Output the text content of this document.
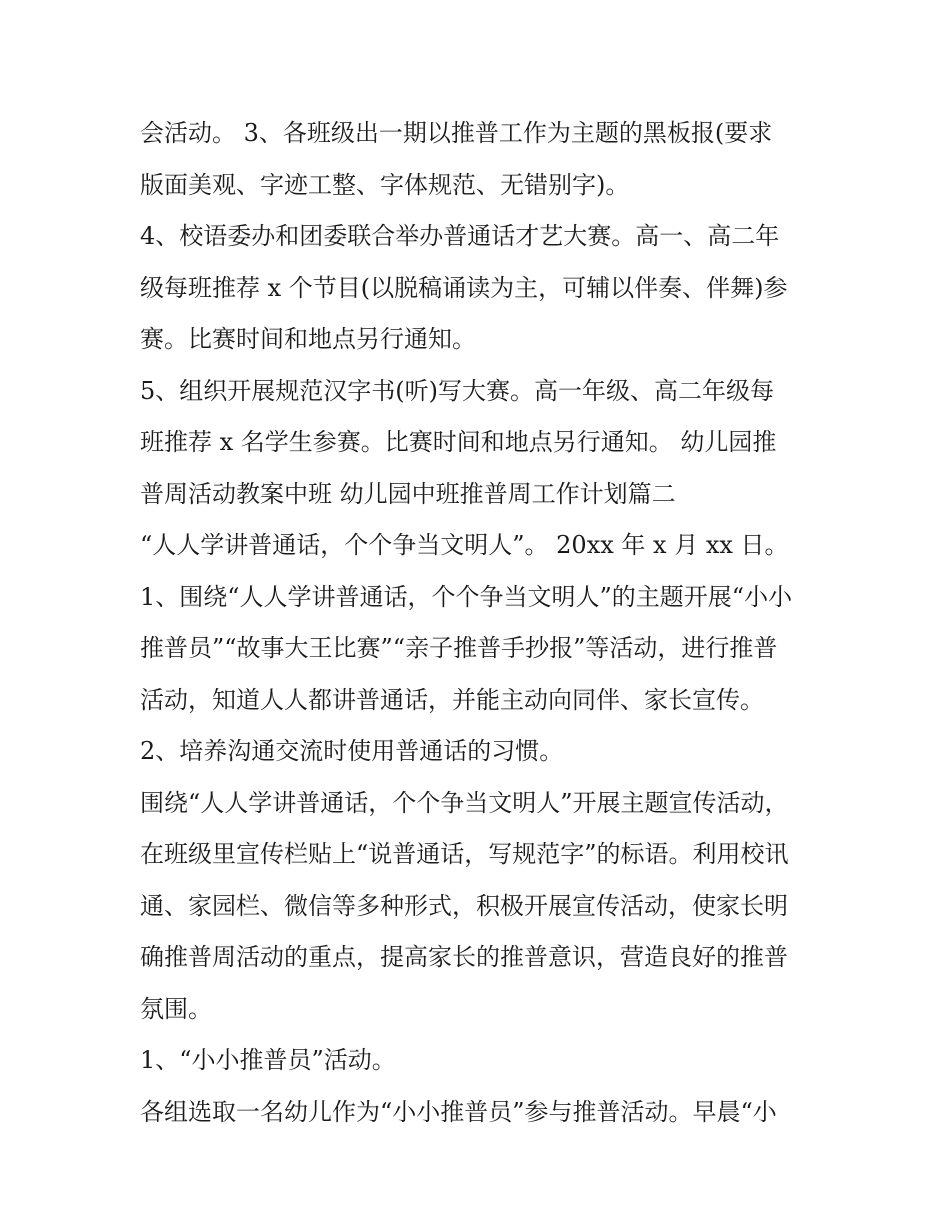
会活动。 3、各班级出一期以推普工作为主题的黑板报(要求
版面美观、字迹工整、字体规范、无错别字)。
4、校语委办和团委联合举办普通话才艺大赛。高一、高二年
级每班推荐 x 个节目(以脱稿诵读为主，可辅以伴奏、伴舞)参
赛。比赛时间和地点另行通知。
5、组织开展规范汉字书(听)写大赛。高一年级、高二年级每
班推荐 x 名学生参赛。比赛时间和地点另行通知。 幼儿园推
普周活动教案中班 幼儿园中班推普周工作计划篇二
“人人学讲普通话，个个争当文明人”。 20xx 年 x 月 xx 日。
1、围绕“人人学讲普通话，个个争当文明人”的主题开展“小小
推普员”“故事大王比赛”“亲子推普手抄报”等活动，进行推普
活动，知道人人都讲普通话，并能主动向同伴、家长宣传。
2、培养沟通交流时使用普通话的习惯。
围绕“人人学讲普通话，个个争当文明人”开展主题宣传活动，
在班级里宣传栏贴上“说普通话，写规范字”的标语。利用校讯
通、家园栏、微信等多种形式，积极开展宣传活动，使家长明
确推普周活动的重点，提高家长的推普意识，营造良好的推普
氛围。
1、“小小推普员”活动。
各组选取一名幼儿作为“小小推普员”参与推普活动。早晨“小
